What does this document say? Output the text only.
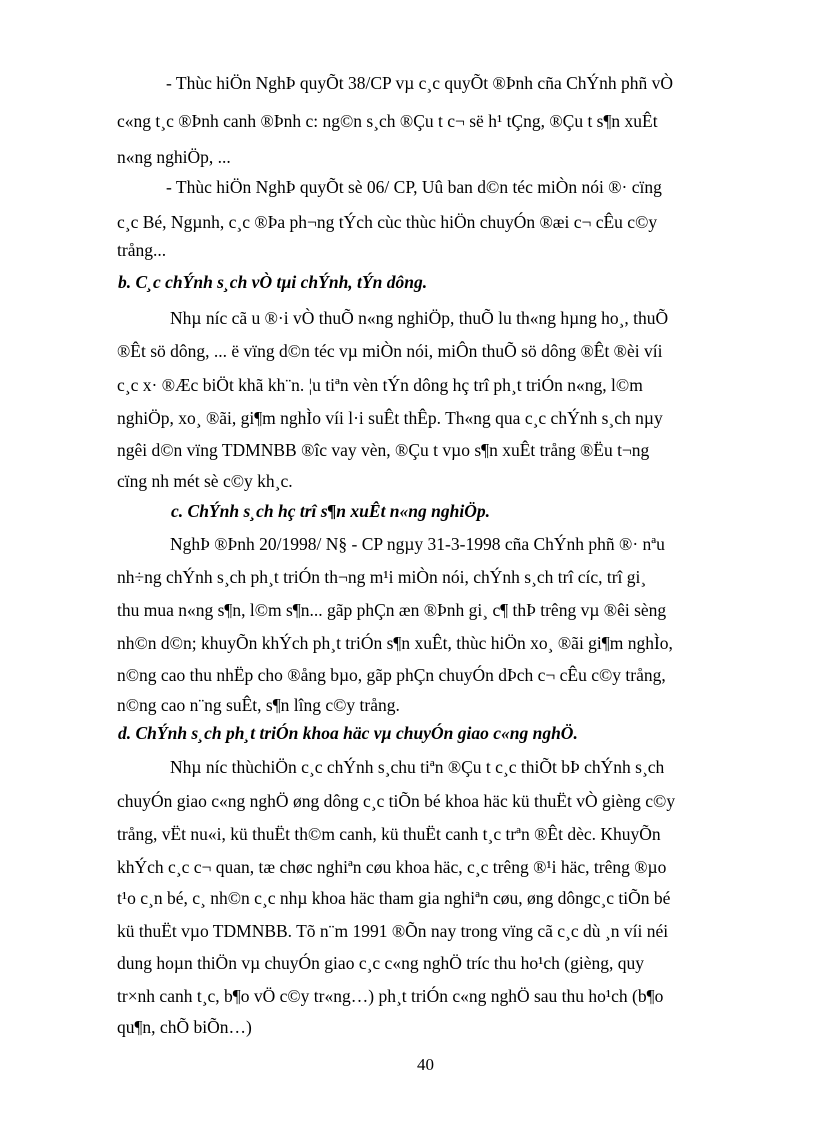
- Thùc hiÖn NghÞ quyÕt 38/CP vµ c¸c quyÕt ®Þnh cña ChÝnh phñ vÒ
c«ng t¸c ®Þnh canh ®Þnh c: ng©n s¸ch ®Çu t c¬ së h¹ tÇng, ®Çu t s¶n xuÊt
n«ng nghiÖp, ...
- Thùc hiÖn NghÞ quyÕt sè 06/ CP, Uû ban d©n téc miÒn nói ®· cïng
c¸c Bé, Ngµnh, c¸c ®Þa ph¬ng tÝch cùc thùc hiÖn chuyÓn ®æi c¬ cÊu c©y
trång...
b. C¸c chÝnh s¸ch vÒ tµi chÝnh, tÝn dông.
Nhµ níc cã u ®·i vÒ thuÕ n«ng nghiÖp, thuÕ lu th«ng hµng ho¸, thuÕ
®Êt sö dông, ... ë vïng d©n téc vµ miÒn nói, miÔn thuÕ sö dông ®Êt ®èi víi
c¸c x· ®Æc biÖt khã kh¨n. ¦u tiªn vèn tÝn dông hç trî ph¸t triÓn n«ng, l©m
nghiÖp, xo¸ ®ãi, gi¶m nghÌo víi l·i suÊt thÊp. Th«ng qua c¸c chÝnh s¸ch nµy
ngêi d©n vïng TDMNBB ®îc vay vèn, ®Çu t vµo s¶n xuÊt trång ®Ëu t¬ng
cïng nh mét sè c©y kh¸c.
c. ChÝnh s¸ch hç trî s¶n xuÊt n«ng nghiÖp.
NghÞ ®Þnh 20/1998/ N§ - CP ngµy 31-3-1998 cña ChÝnh phñ ®· nªu
nh÷ng chÝnh s¸ch ph¸t triÓn th¬ng m¹i miÒn nói, chÝnh s¸ch trî cíc, trî gi¸
thu mua n«ng s¶n, l©m s¶n... gãp phÇn æn ®Þnh gi¸ c¶ thÞ trêng vµ ®êi sèng
nh©n d©n; khuyÕn khÝch ph¸t triÓn s¶n xuÊt, thùc hiÖn xo¸ ®ãi gi¶m nghÌo,
n©ng cao thu nhËp cho ®ång bµo, gãp phÇn chuyÓn dÞch c¬ cÊu c©y trång,
n©ng cao n¨ng suÊt, s¶n lîng c©y trång.
d. ChÝnh s¸ch ph¸t triÓn khoa häc vµ chuyÓn giao c«ng nghÖ.
Nhµ níc thùchiÖn c¸c chÝnh s¸chu tiªn ®Çu t c¸c thiÕt bÞ chÝnh s¸ch
chuyÓn giao c«ng nghÖ øng dông c¸c tiÕn bé khoa häc kü thuËt vÒ gièng c©y
trång, vËt nu«i, kü thuËt th©m canh, kü thuËt canh t¸c trªn ®Êt dèc. KhuyÕn
khÝch c¸c c¬ quan, tæ chøc nghiªn cøu khoa häc, c¸c trêng ®¹i häc, trêng ®µo
t¹o c¸n bé, c¸ nh©n c¸c nhµ khoa häc tham gia nghiªn cøu, øng dôngc¸c tiÕn bé
kü thuËt vµo TDMNBB. Tõ n¨m 1991 ®Õn nay trong vïng cã c¸c dù ¸n víi néi
dung hoµn thiÖn vµ chuyÓn giao c¸c c«ng nghÖ tríc thu ho¹ch (gièng, quy
tr×nh canh t¸c, b¶o vÖ c©y tr«ng…) ph¸t triÓn c«ng nghÖ sau thu ho¹ch (b¶o
qu¶n, chÕ biÕn…)
40
